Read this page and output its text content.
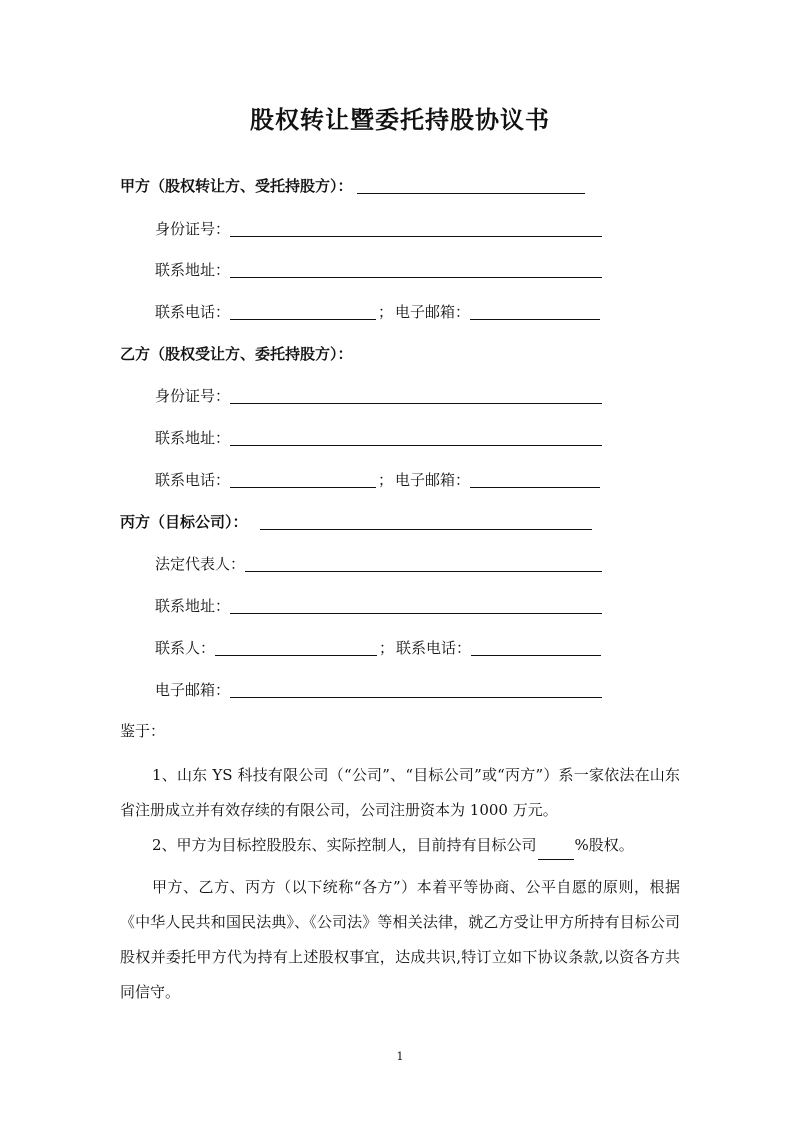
股权转让暨委托持股协议书
甲方（股权转让方、受托持股方）：
身份证号：
联系地址：
联系电话：	； 电子邮箱：
乙方（股权受让方、委托持股方）：
身份证号：
联系地址：
联系电话：	； 电子邮箱：
丙方（目标公司）：
法定代表人：
联系地址：
联系人：	； 联系电话：
电子邮箱：
鉴于：
1、山东 YS 科技有限公司（“公司”、“目标公司”或“丙方”）系一家依法在山东省注册成立并有效存续的有限公司，公司注册资本为 1000 万元。
2、甲方为目标控股股东、实际控制人，目前持有目标公司	%股权。
甲方、乙方、丙方（以下统称“各方”）本着平等协商、公平自愿的原则，根据《中华人民共和国民法典》、《公司法》等相关法律，就乙方受让甲方所持有目标公司股权并委托甲方代为持有上述股权事宜，达成共识,特订立如下协议条款,以资各方共同信守。
1
